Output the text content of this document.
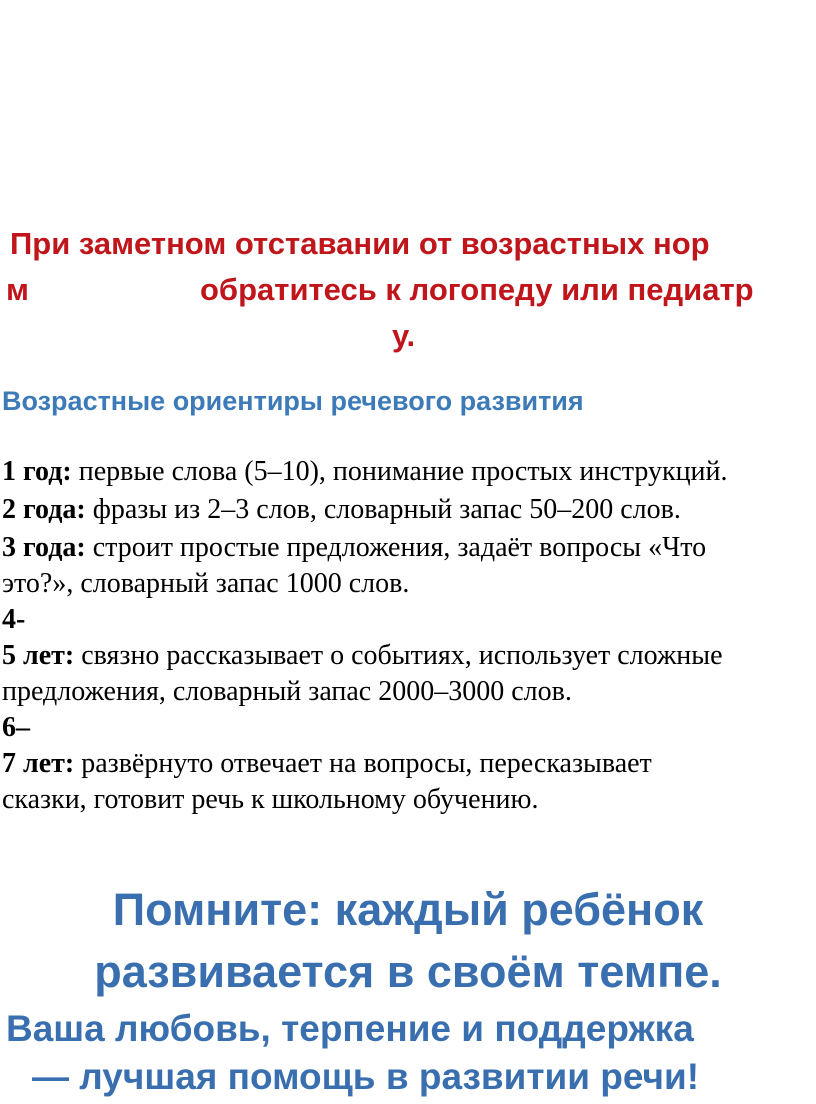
При заметном отставании от возрастных нор
м	обратитесь к логопеду или педиатр
у.
Возрастные ориентиры речевого развития
1 год: первые слова (5–10), понимание простых инструкций.
2 года: фразы из 2–3 слов, словарный запас 50–200 слов.
3 года: строит простые предложения, задаёт вопросы «Что
это?», словарный запас 1000 слов.
4-
5 лет: связно рассказывает о событиях, использует сложные
предложения, словарный запас 2000–3000 слов.
6–
7 лет: развёрнуто отвечает на вопросы, пересказывает
сказки, готовит речь к школьному обучению.
Помните: каждый ребёнок
развивается в своём темпе.
Ваша любовь, терпение и поддержка
— лучшая помощь в развитии речи!
